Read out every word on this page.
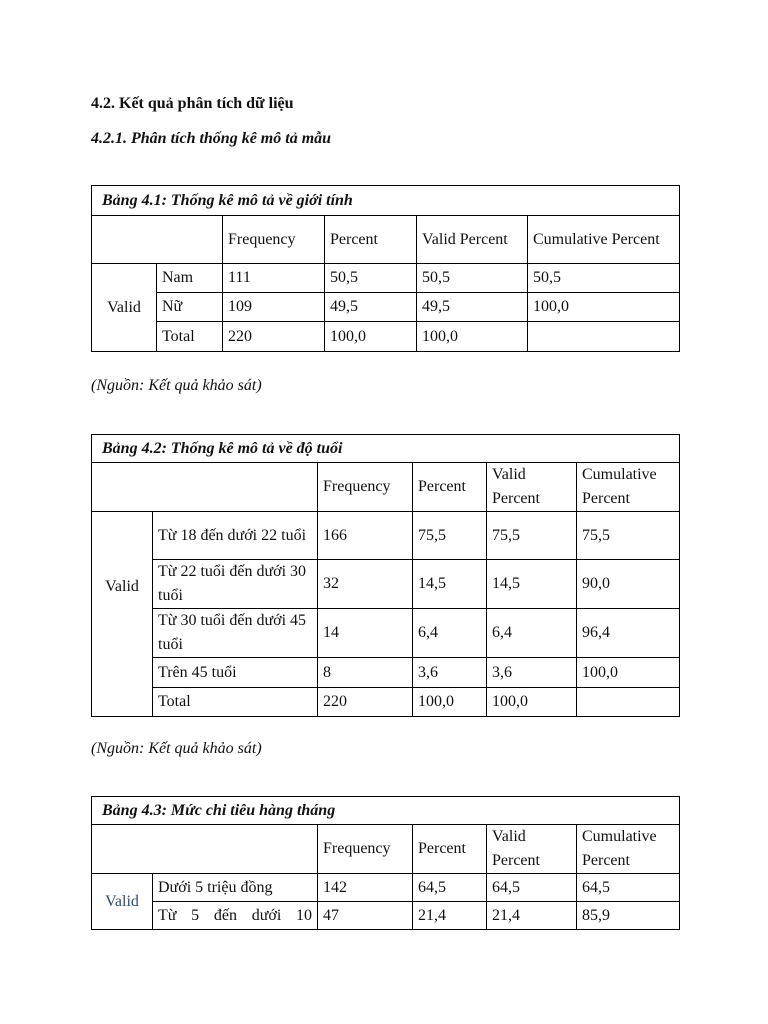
4.2. Kết quả phân tích dữ liệu
4.2.1. Phân tích thống kê mô tả mẫu
Bảng 4.1: Thống kê mô tả về giới tính					
		Frequency	Percent	Valid Percent	Cumulative Percent
Valid	Nam	111	50,5	50,5	50,5
	Nữ	109	49,5	49,5	100,0
	Total	220	100,0	100,0	
(Nguồn: Kết quả khảo sát)
Bảng 4.2: Thống kê mô tả về độ tuổi					
		Frequency	Percent	Valid Percent	Cumulative Percent
Valid	Từ 18 đến dưới 22 tuổi	166	75,5	75,5	75,5
	Từ 22 tuổi đến dưới 30 tuổi	32	14,5	14,5	90,0
	Từ 30 tuổi đến dưới 45 tuổi	14	6,4	6,4	96,4
	Trên 45 tuổi	8	3,6	3,6	100,0
	Total	220	100,0	100,0	
(Nguồn: Kết quả khảo sát)
Bảng 4.3: Mức chi tiêu hàng tháng					
		Frequency	Percent	Valid Percent	Cumulative Percent
Valid	Dưới 5 triệu đồng	142	64,5	64,5	64,5
	Từ 5 đến dưới 10	47	21,4	21,4	85,9
